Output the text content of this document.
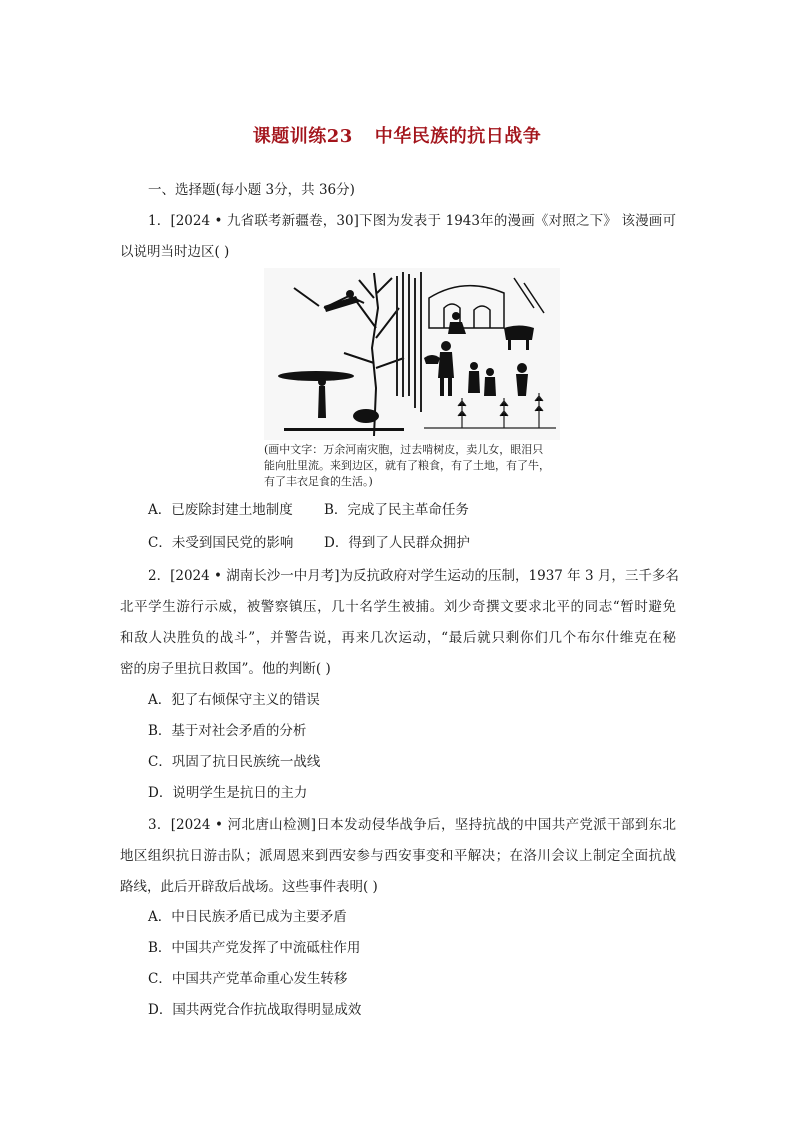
课题训练23 中华民族的抗日战争
一、选择题(每小题 3分，共 36分)
1．[2024 • 九省联考新疆卷，30]下图为发表于 1943年的漫画《对照之下》 该漫画可
以说明当时边区( )

(画中文字：万余河南灾胞，过去啃树皮，卖儿女，眼泪只

能向肚里流。来到边区，就有了粮食，有了土地，有了牛，

有了丰衣足食的生活。)

A．已废除封建土地制度 B．完成了民主革命任务
C．未受到国民党的影响 D．得到了人民群众拥护
2．[2024 • 湖南长沙一中月考]为反抗政府对学生运动的压制，1937 年 3 月，三千多名
北平学生游行示威，被警察镇压，几十名学生被捕。刘少奇撰文要求北平的同志“暂时避免
和敌人决胜负的战斗”，并警告说，再来几次运动，“最后就只剩你们几个布尔什维克在秘
密的房子里抗日救国”。他的判断( )
A．犯了右倾保守主义的错误
B．基于对社会矛盾的分析
C．巩固了抗日民族统一战线
D．说明学生是抗日的主力
3．[2024 • 河北唐山检测]日本发动侵华战争后，坚持抗战的中国共产党派干部到东北
地区组织抗日游击队；派周恩来到西安参与西安事变和平解决；在洛川会议上制定全面抗战
路线，此后开辟敌后战场。这些事件表明( )
A．中日民族矛盾已成为主要矛盾
B．中国共产党发挥了中流砥柱作用
C．中国共产党革命重心发生转移
D．国共两党合作抗战取得明显成效
